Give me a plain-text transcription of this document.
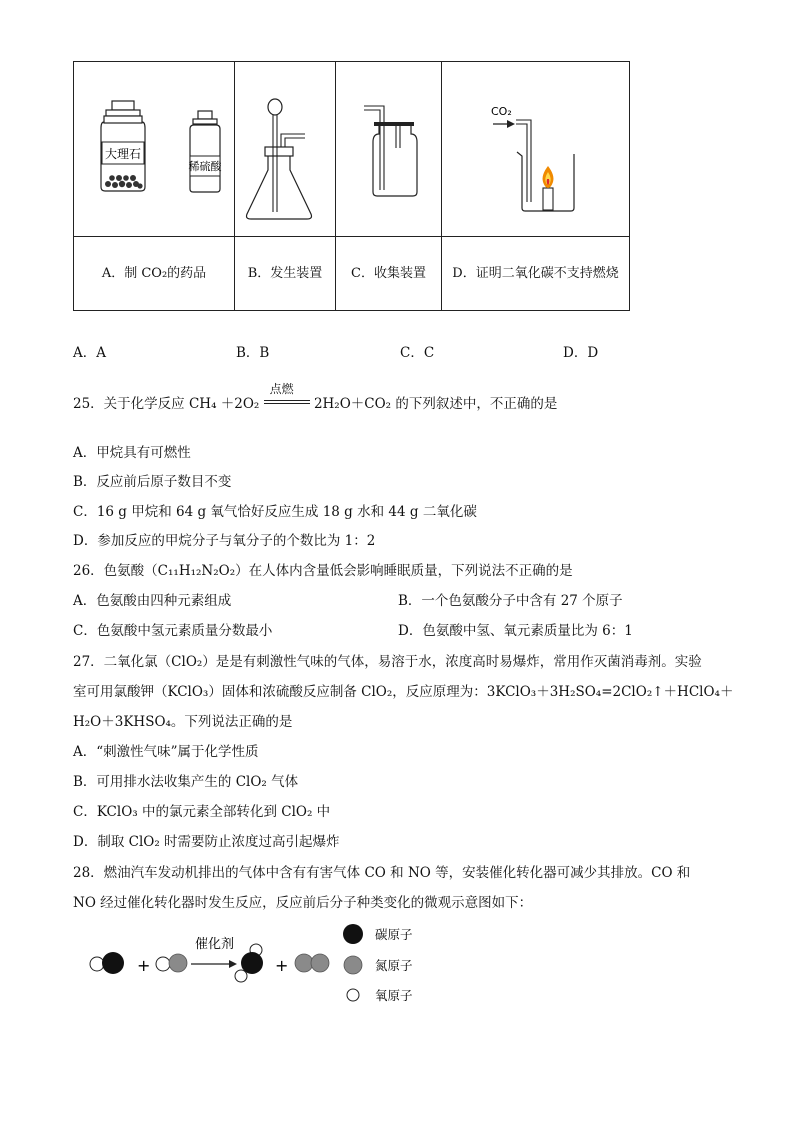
大理石
稀硫酸			CO₂

A．制 CO₂的药品	B．发生装置	C．收集装置	D．证明二氧化碳不支持燃烧
A．A	B．B	C．C	D．D
25．关于化学反应 CH₄ ＋2O₂
点燃
2H₂O＋CO₂ 的下列叙述中，不正确的是
A．甲烷具有可燃性
B．反应前后原子数目不变
C．16 g 甲烷和 64 g 氧气恰好反应生成 18 g 水和 44 g 二氧化碳
D．参加反应的甲烷分子与氧分子的个数比为 1：2
26．色氨酸（C₁₁H₁₂N₂O₂）在人体内含量低会影响睡眠质量，下列说法不正确的是
A．色氨酸由四种元素组成	B．一个色氨酸分子中含有 27 个原子
C．色氨酸中氢元素质量分数最小	D．色氨酸中氢、氧元素质量比为 6：1
27．二氧化氯（ClO₂）是是有刺激性气味的气体，易溶于水，浓度高时易爆炸，常用作灭菌消毒剂。实验
室可用氯酸钾（KClO₃）固体和浓硫酸反应制备 ClO₂，反应原理为：3KClO₃＋3H₂SO₄=2ClO₂↑＋HClO₄＋
H₂O＋3KHSO₄。下列说法正确的是
A．“刺激性气味”属于化学性质
B．可用排水法收集产生的 ClO₂ 气体
C．KClO₃ 中的氯元素全部转化到 ClO₂ 中
D．制取 ClO₂ 时需要防止浓度过高引起爆炸
28．燃油汽车发动机排出的气体中含有有害气体 CO 和 NO 等，安装催化转化器可减少其排放。CO 和
NO 经过催化转化器时发生反应，反应前后分子种类变化的微观示意图如下：
+
催化剂
+
碳原子
氮原子
氧原子
